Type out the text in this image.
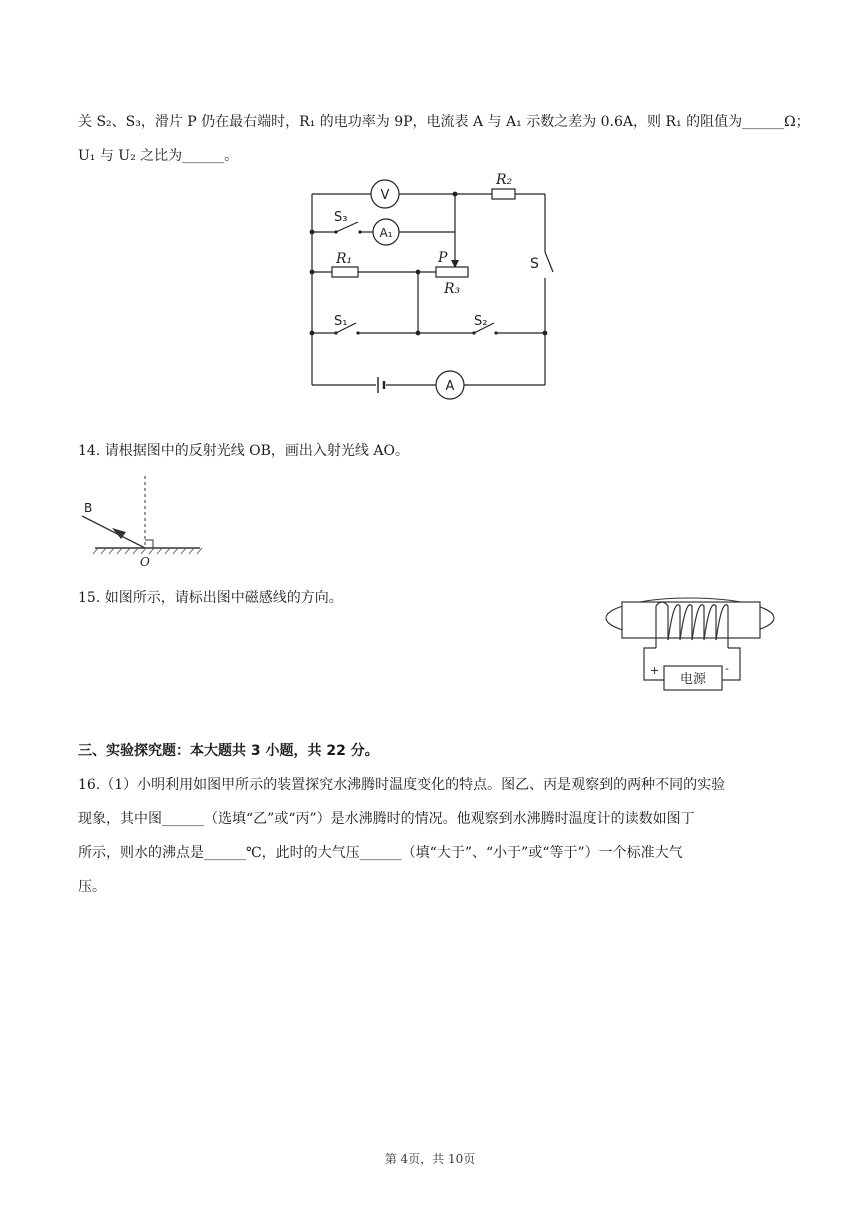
关 S₂、S₃，滑片 P 仍在最右端时，R₁ 的电功率为 9P，电流表 A 与 A₁ 示数之差为 0.6A，则 R₁ 的阻值为______Ω；
U₁ 与 U₂ 之比为______。
V
R₂
S₃
A₁
P
R₁
R₃
S
S₁	S₂
A
14. 请根据图中的反射光线 OB，画出入射光线 AO。
B
O
15. 如图所示，请标出图中磁感线的方向。
电源
+	-
三、实验探究题：本大题共 3 小题，共 22 分。
16.（1）小明利用如图甲所示的装置探究水沸腾时温度变化的特点。图乙、丙是观察到的两种不同的实验
现象，其中图______（选填“乙”或“丙”）是水沸腾时的情况。他观察到水沸腾时温度计的读数如图丁
所示，则水的沸点是______℃，此时的大气压______（填“大于”、“小于”或“等于”）一个标准大气
压。
第 4页，共 10页
